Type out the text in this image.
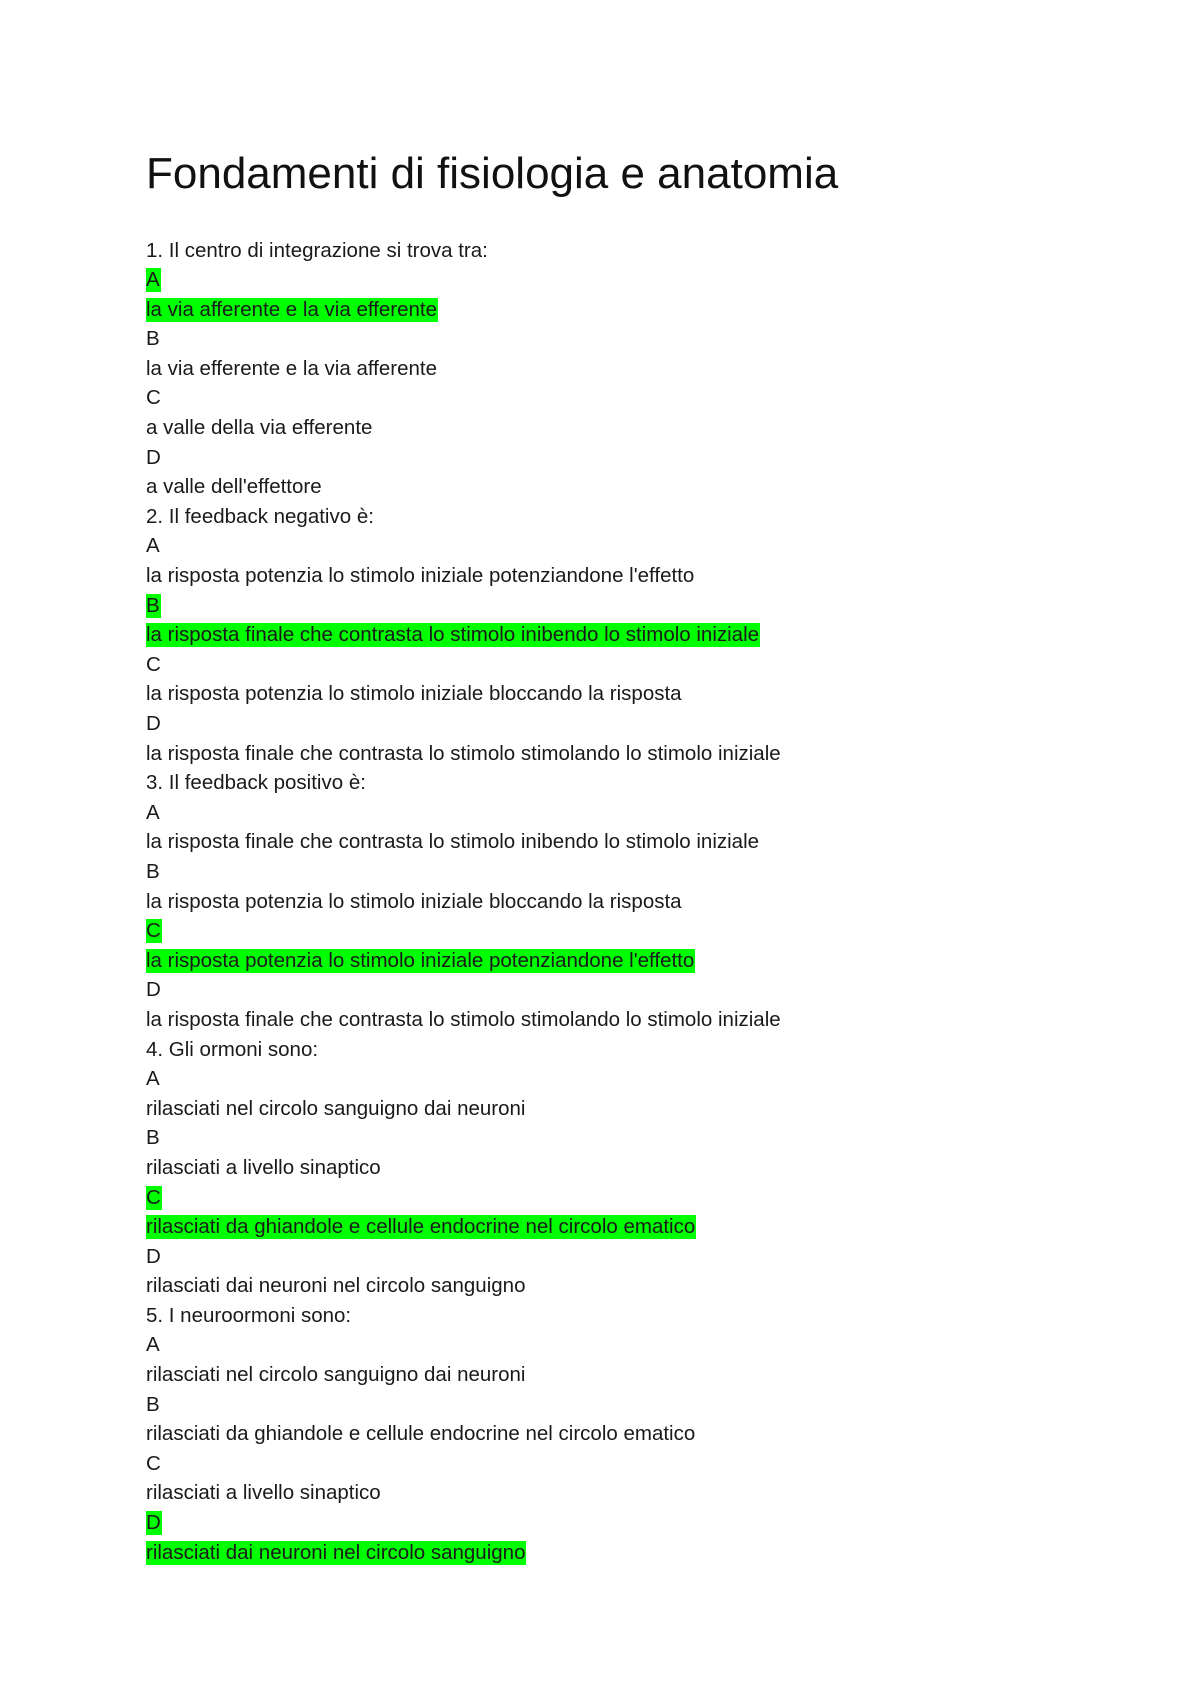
Fondamenti di fisiologia e anatomia
1. Il centro di integrazione si trova tra:
A
la via afferente e la via efferente
B
la via efferente e la via afferente
C
a valle della via efferente
D
a valle dell'effettore
2. Il feedback negativo è:
A
la risposta potenzia lo stimolo iniziale potenziandone l'effetto
B
la risposta finale che contrasta lo stimolo inibendo lo stimolo iniziale
C
la risposta potenzia lo stimolo iniziale bloccando la risposta
D
la risposta finale che contrasta lo stimolo stimolando lo stimolo iniziale
3. Il feedback positivo è:
A
la risposta finale che contrasta lo stimolo inibendo lo stimolo iniziale
B
la risposta potenzia lo stimolo iniziale bloccando la risposta
C
la risposta potenzia lo stimolo iniziale potenziandone l'effetto
D
la risposta finale che contrasta lo stimolo stimolando lo stimolo iniziale
4. Gli ormoni sono:
A
rilasciati nel circolo sanguigno dai neuroni
B
rilasciati a livello sinaptico
C
rilasciati da ghiandole e cellule endocrine nel circolo ematico
D
rilasciati dai neuroni nel circolo sanguigno
5. I neuroormoni sono:
A
rilasciati nel circolo sanguigno dai neuroni
B
rilasciati da ghiandole e cellule endocrine nel circolo ematico
C
rilasciati a livello sinaptico
D
rilasciati dai neuroni nel circolo sanguigno
